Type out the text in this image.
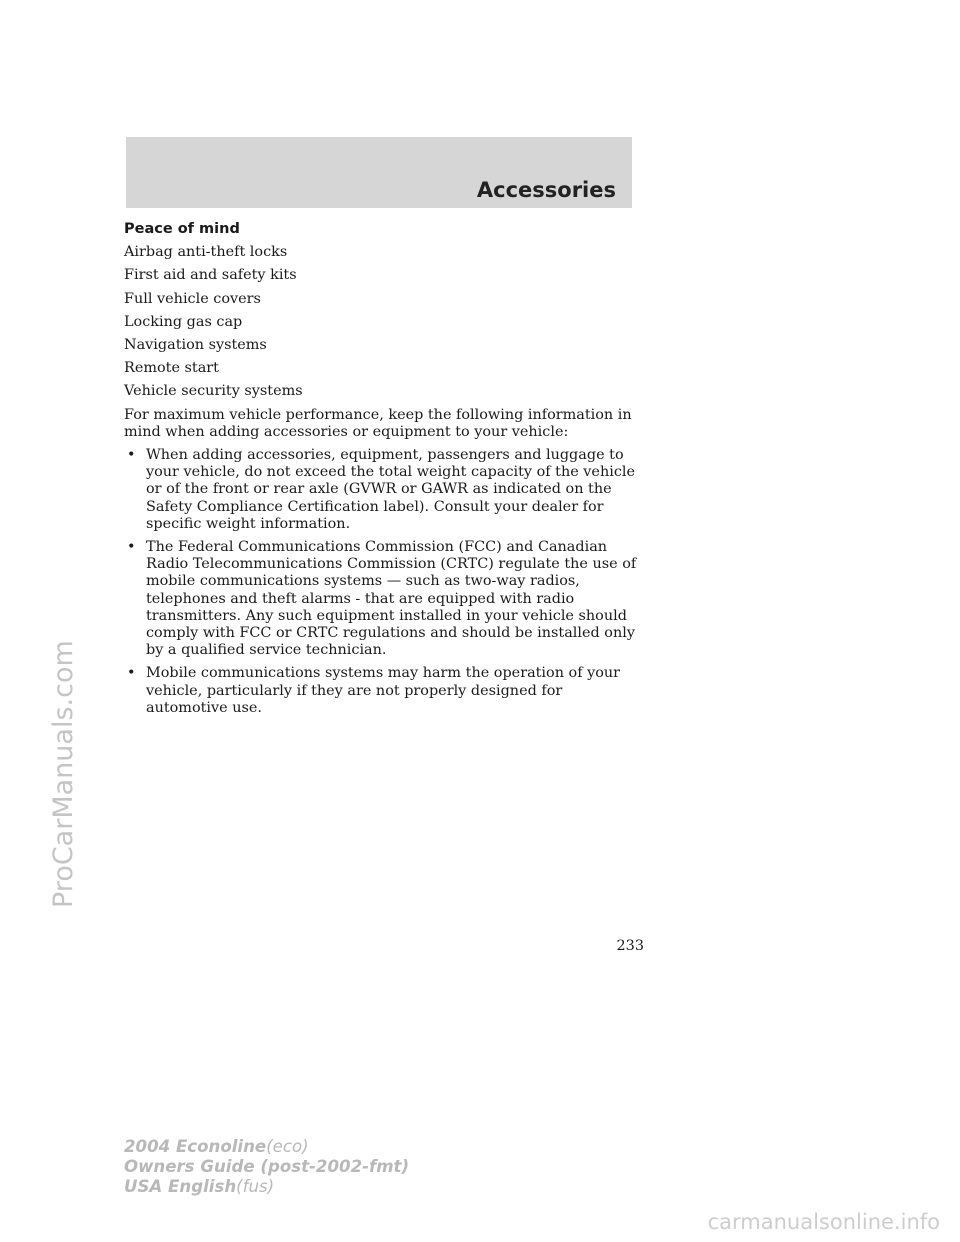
Accessories
Peace of mind
Airbag anti-theft locks
First aid and safety kits
Full vehicle covers
Locking gas cap
Navigation systems
Remote start
Vehicle security systems
For maximum vehicle performance, keep the following information in mind when adding accessories or equipment to your vehicle:
• When adding accessories, equipment, passengers and luggage to your vehicle, do not exceed the total weight capacity of the vehicle or of the front or rear axle (GVWR or GAWR as indicated on the Safety Compliance Certification label). Consult your dealer for specific weight information.
• The Federal Communications Commission (FCC) and Canadian Radio Telecommunications Commission (CRTC) regulate the use of mobile communications systems — such as two-way radios, telephones and theft alarms - that are equipped with radio transmitters. Any such equipment installed in your vehicle should comply with FCC or CRTC regulations and should be installed only by a qualified service technician.
• Mobile communications systems may harm the operation of your vehicle, particularly if they are not properly designed for automotive use.
233
2004 Econoline(eco)
Owners Guide (post-2002-fmt)
USA English(fus)
ProCarManuals.com
carmanualsonline.info
